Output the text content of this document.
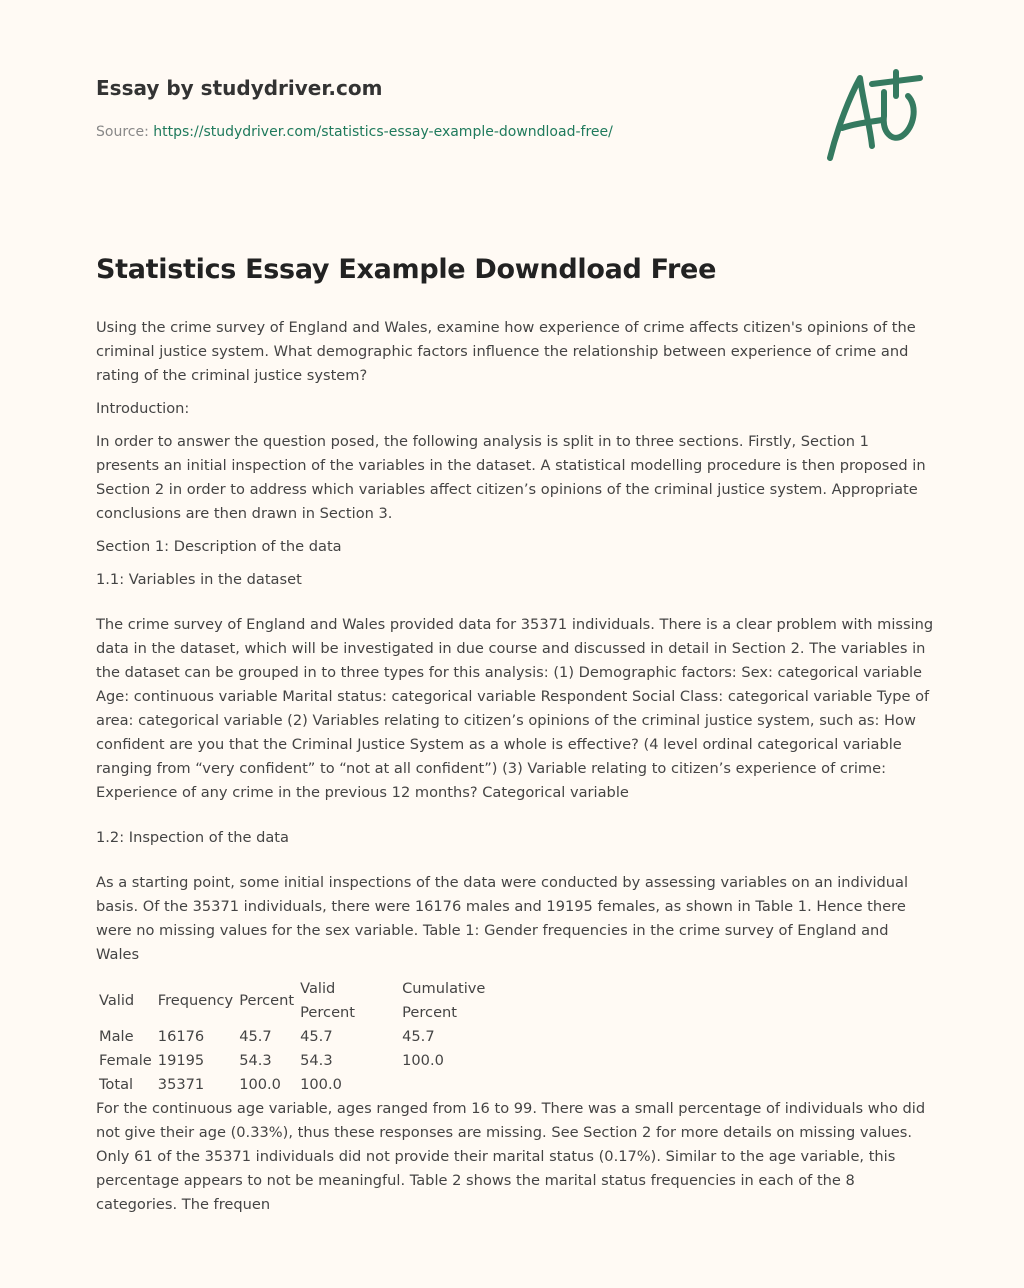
Essay by studydriver.com
Source: https://studydriver.com/statistics-essay-example-downdload-free/
Statistics Essay Example Downdload Free

Using the crime survey of England and Wales, examine how experience of crime affects citizen's opinions of the criminal justice system. What demographic factors influence the relationship between experience of crime and rating of the criminal justice system?

Introduction:

In order to answer the question posed, the following analysis is split in to three sections. Firstly, Section 1 presents an initial inspection of the variables in the dataset. A statistical modelling procedure is then proposed in Section 2 in order to address which variables affect citizen’s opinions of the criminal justice system. Appropriate conclusions are then drawn in Section 3.

Section 1: Description of the data

1.1: Variables in the dataset

The crime survey of England and Wales provided data for 35371 individuals. There is a clear problem with missing data in the dataset, which will be investigated in due course and discussed in detail in Section 2. The variables in the dataset can be grouped in to three types for this analysis: (1) Demographic factors: Sex: categorical variable Age: continuous variable Marital status: categorical variable Respondent Social Class: categorical variable Type of area: categorical variable (2) Variables relating to citizen’s opinions of the criminal justice system, such as: How confident are you that the Criminal Justice System as a whole is effective? (4 level ordinal categorical variable ranging from “very confident” to “not at all confident”) (3) Variable relating to citizen’s experience of crime: Experience of any crime in the previous 12 months? Categorical variable

1.2: Inspection of the data

As a starting point, some initial inspections of the data were conducted by assessing variables on an individual basis. Of the 35371 individuals, there were 16176 males and 19195 females, as shown in Table 1. Hence there were no missing values for the sex variable. Table 1: Gender frequencies in the crime survey of England and Wales

Valid	Frequency	Percent	Valid Percent	Cumulative Percent

Male	16176	45.7	45.7	45.7
Female	19195	54.3	54.3	100.0
Total	35371	100.0	100.0	

For the continuous age variable, ages ranged from 16 to 99. There was a small percentage of individuals who did not give their age (0.33%), thus these responses are missing. See Section 2 for more details on missing values. Only 61 of the 35371 individuals did not provide their marital status (0.17%). Similar to the age variable, this percentage appears to not be meaningful. Table 2 shows the marital status frequencies in each of the 8 categories. The frequen
